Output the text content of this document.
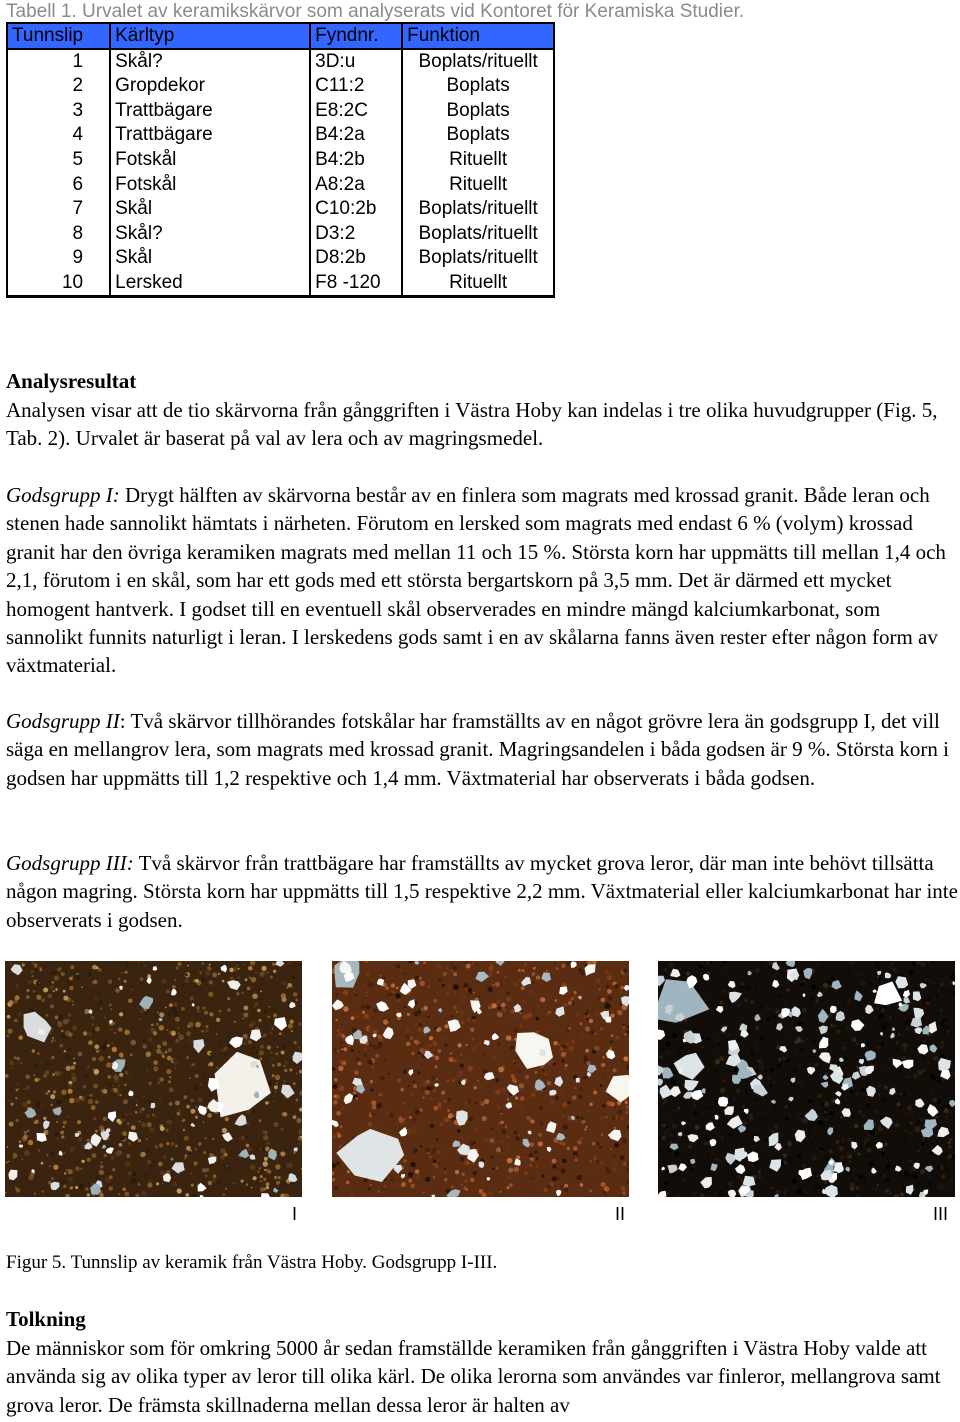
Tabell 1. Urvalet av keramikskärvor som analyserats vid Kontoret för Keramiska Studier.

Tunnslip	Kärltyp	Fyndnr.	Funktion
1	Skål?	3D:u	Boplats/rituellt
2	Gropdekor	C11:2	Boplats
3	Trattbägare	E8:2C	Boplats
4	Trattbägare	B4:2a	Boplats
5	Fotskål	B4:2b	Rituellt
6	Fotskål	A8:2a	Rituellt
7	Skål	C10:2b	Boplats/rituellt
8	Skål?	D3:2	Boplats/rituellt
9	Skål	D8:2b	Boplats/rituellt
10	Lersked	F8 -120	Rituellt
Analysresultat

Analysen visar att de tio skärvorna från gånggriften i Västra Hoby kan indelas i tre olika huvudgrupper (Fig. 5, Tab. 2). Urvalet är baserat på val av lera och av magringsmedel.

Godsgrupp I: Drygt hälften av skärvorna består av en finlera som magrats med krossad granit. Både leran och stenen hade sannolikt hämtats i närheten. Förutom en lersked som magrats med endast 6 % (volym) krossad granit har den övriga keramiken magrats med mellan 11 och 15 %. Största korn har uppmätts till mellan 1,4 och 2,1, förutom i en skål, som har ett gods med ett största bergartskorn på 3,5 mm. Det är därmed ett mycket homogent hantverk. I godset till en eventuell skål observerades en mindre mängd kalciumkarbonat, som sannolikt funnits naturligt i leran. I lerskedens gods samt i en av skålarna fanns även rester efter någon form av växtmaterial.

Godsgrupp II: Två skärvor tillhörandes fotskålar har framställts av en något grövre lera än godsgrupp I, det vill säga en mellangrov lera, som magrats med krossad granit. Magringsandelen i båda godsen är 9 %. Största korn i godsen har uppmätts till 1,2 respektive och 1,4 mm. Växtmaterial har observerats i båda godsen.

Godsgrupp III: Två skärvor från trattbägare har framställts av mycket grova leror, där man inte behövt tillsätta någon magring. Största korn har uppmätts till 1,5 respektive 2,2 mm. Växtmaterial eller kalciumkarbonat har inte observerats i godsen.

I	II	III

Figur 5. Tunnslip av keramik från Västra Hoby. Godsgrupp I-III.

Tolkning

De människor som för omkring 5000 år sedan framställde keramiken från gånggriften i Västra Hoby valde att använda sig av olika typer av leror till olika kärl. De olika lerorna som användes var finleror, mellangrova samt grova leror. De främsta skillnaderna mellan dessa leror är halten av
